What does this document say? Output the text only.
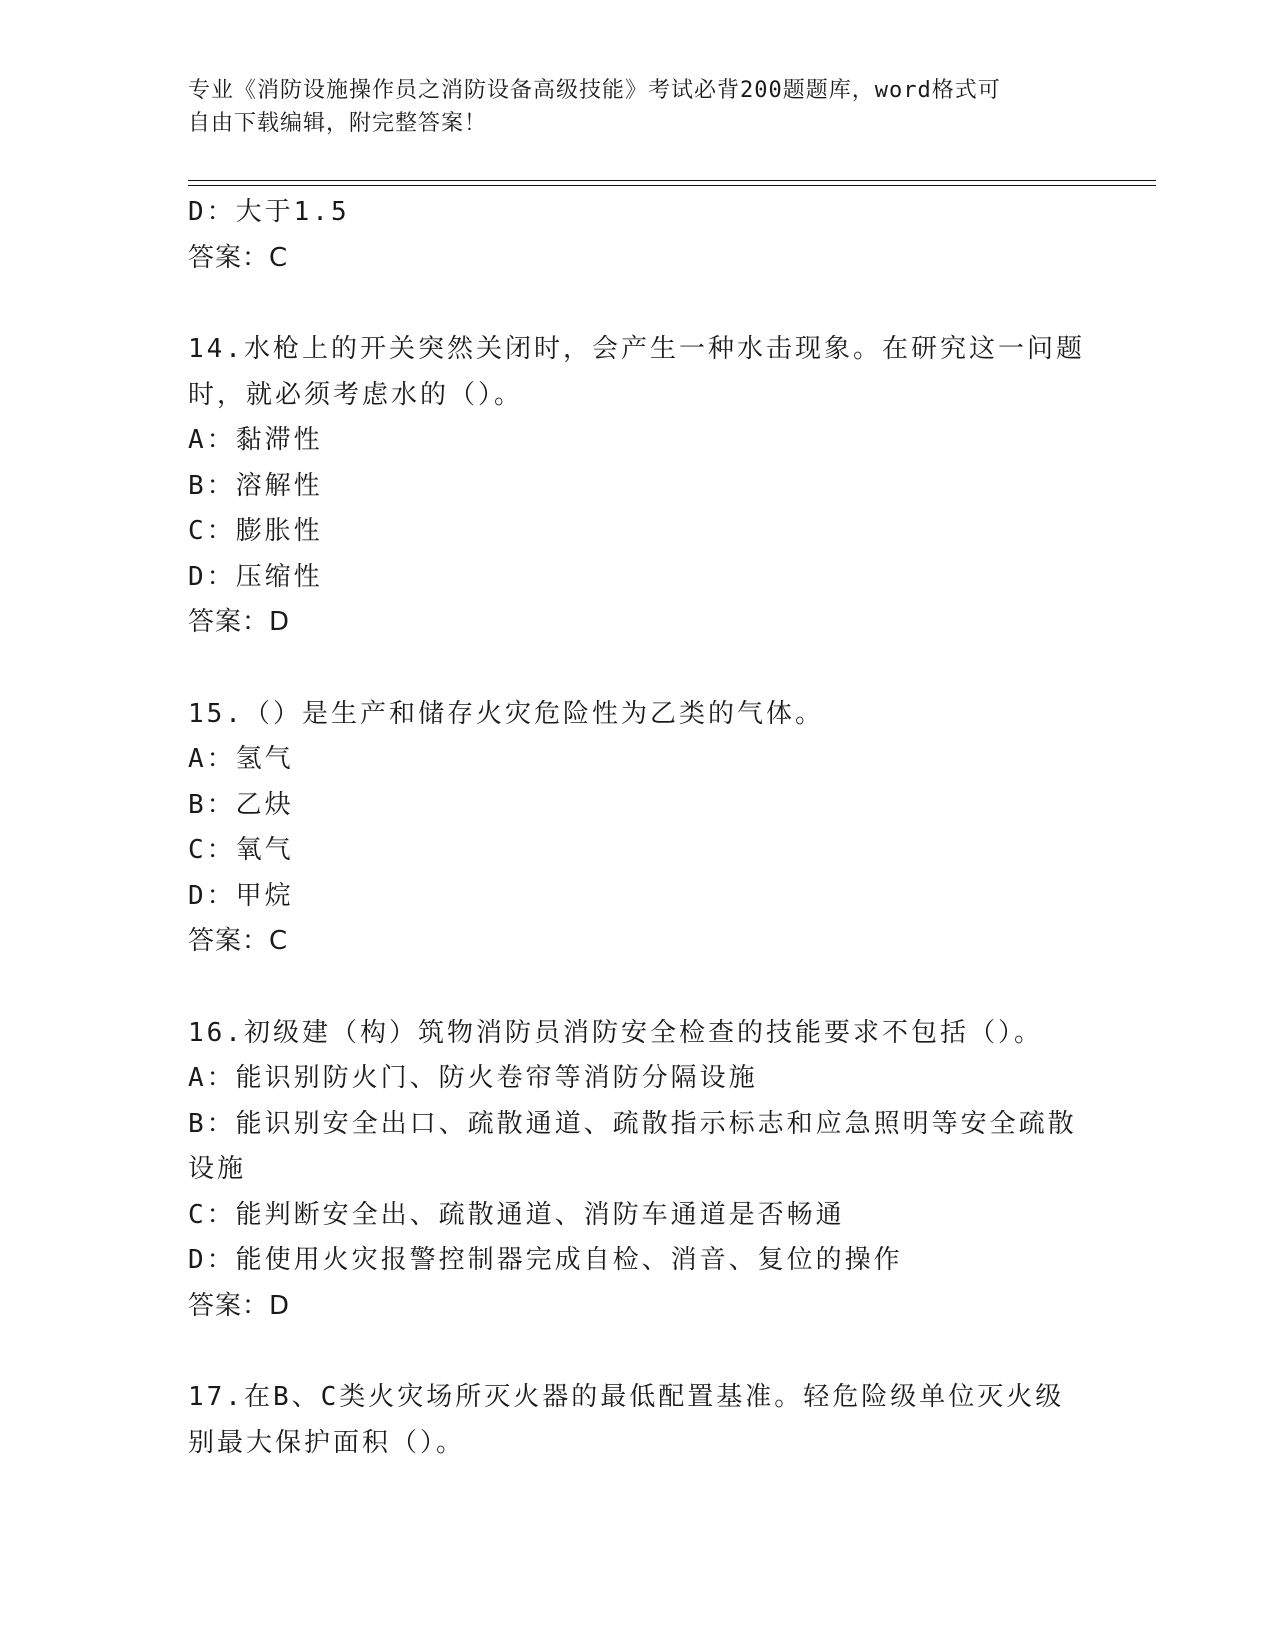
专业《消防设施操作员之消防设备高级技能》考试必背200题题库，word格式可
自由下载编辑，附完整答案！
D：大于1.5
答案：C
14.水枪上的开关突然关闭时，会产生一种水击现象。在研究这一问题
时，就必须考虑水的（）。
A：黏滞性
B：溶解性
C：膨胀性
D：压缩性
答案：D
15.（）是生产和储存火灾危险性为乙类的气体。
A：氢气
B：乙炔
C：氧气
D：甲烷
答案：C
16.初级建（构）筑物消防员消防安全检查的技能要求不包括（）。
A：能识别防火门、防火卷帘等消防分隔设施
B：能识别安全出口、疏散通道、疏散指示标志和应急照明等安全疏散
设施
C：能判断安全出、疏散通道、消防车通道是否畅通
D：能使用火灾报警控制器完成自检、消音、复位的操作
答案：D
17.在B、C类火灾场所灭火器的最低配置基准。轻危险级单位灭火级
别最大保护面积（）。
